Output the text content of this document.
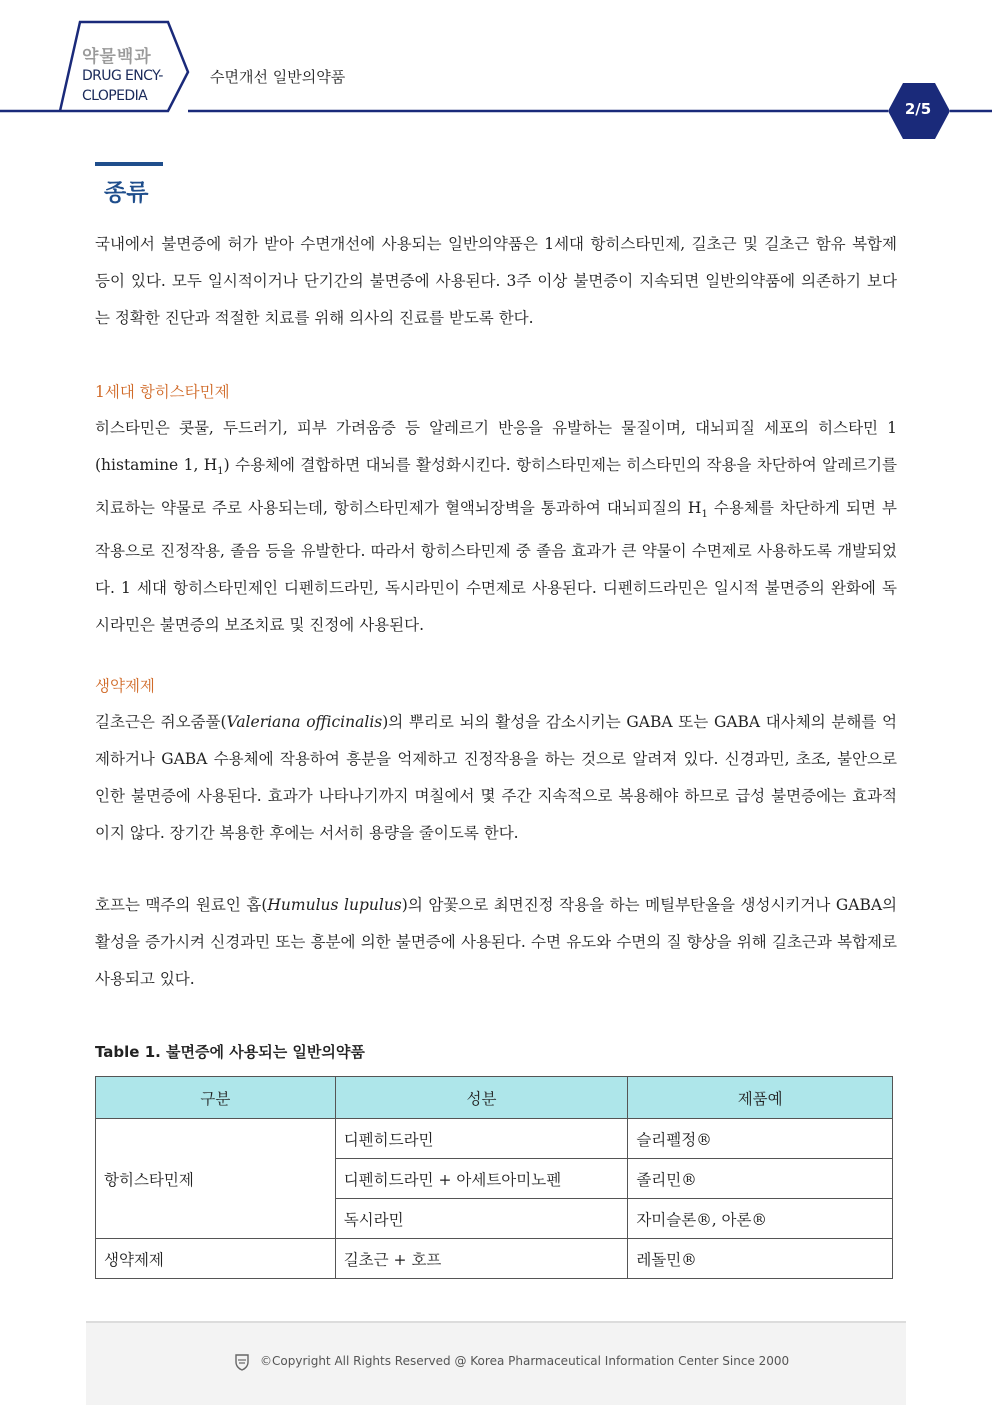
약물백과
DRUG ENCY-
CLOPEDIA
수면개선 일반의약품
2/5
종류
국내에서 불면증에 허가 받아 수면개선에 사용되는 일반의약품은 1세대 항히스타민제, 길초근 및 길초근 함유 복합제 등이 있다. 모두 일시적이거나 단기간의 불면증에 사용된다. 3주 이상 불면증이 지속되면 일반의약품에 의존하기 보다는 정확한 진단과 적절한 치료를 위해 의사의 진료를 받도록 한다.
1세대 항히스타민제
히스타민은 콧물, 두드러기, 피부 가려움증 등 알레르기 반응을 유발하는 물질이며, 대뇌피질 세포의 히스타민 1 (histamine 1, $H_1$) 수용체에 결합하면 대뇌를 활성화시킨다. 항히스타민제는 히스타민의 작용을 차단하여 알레르기를 치료하는 약물로 주로 사용되는데, 항히스타민제가 혈액뇌장벽을 통과하여 대뇌피질의 $H_1$ 수용체를 차단하게 되면 부작용으로 진정작용, 졸음 등을 유발한다. 따라서 항히스타민제 중 졸음 효과가 큰 약물이 수면제로 사용하도록 개발되었다. 1 세대 항히스타민제인 디펜히드라민, 독시라민이 수면제로 사용된다. 디펜히드라민은 일시적 불면증의 완화에 독시라민은 불면증의 보조치료 및 진정에 사용된다.
생약제제
길초근은 쥐오줌풀(Valeriana officinalis)의 뿌리로 뇌의 활성을 감소시키는 GABA 또는 GABA 대사체의 분해를 억제하거나 GABA 수용체에 작용하여 흥분을 억제하고 진정작용을 하는 것으로 알려져 있다. 신경과민, 초조, 불안으로 인한 불면증에 사용된다. 효과가 나타나기까지 며칠에서 몇 주간 지속적으로 복용해야 하므로 급성 불면증에는 효과적이지 않다. 장기간 복용한 후에는 서서히 용량을 줄이도록 한다.
호프는 맥주의 원료인 홉(Humulus lupulus)의 암꽃으로 최면진정 작용을 하는 메틸부탄올을 생성시키거나 GABA의 활성을 증가시켜 신경과민 또는 흥분에 의한 불면증에 사용된다. 수면 유도와 수면의 질 향상을 위해 길초근과 복합제로 사용되고 있다.
Table 1. 불면증에 사용되는 일반의약품
구분	성분	제품예
항히스타민제	디펜히드라민	슬리펠정®
	디펜히드라민 + 아세트아미노펜	졸리민®
	독시라민	자미슬론®, 아론®
생약제제	길초근 + 호프	레돌민®
©Copyright All Rights Reserved @ Korea Pharmaceutical Information Center Since 2000
